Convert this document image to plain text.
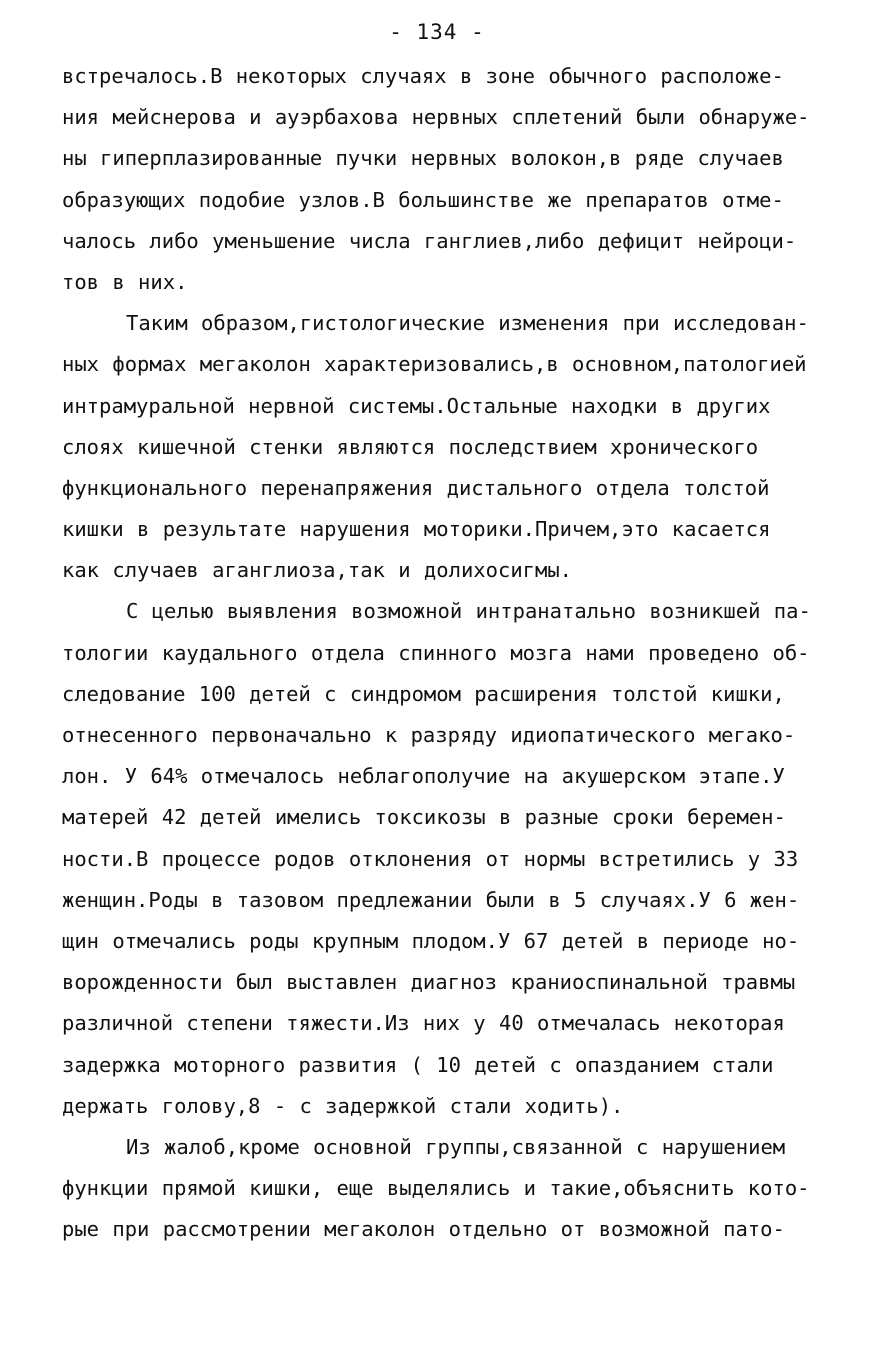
- 134 -
встречалось.В некоторых случаях в зоне обычного расположе-
ния мейснерова и ауэрбахова нервных сплетений были обнаруже-
ны гиперплазированные пучки нервных волокон,в ряде случаев
образующих подобие узлов.В большинстве же препаратов отме-
чалось либо уменьшение числа ганглиев,либо дефицит нейроци-
тов в них.
Таким образом,гистологические изменения при исследован-
ных формах мегаколон характеризовались,в основном,патологией
интрамуральной нервной системы.Остальные находки в других
слоях кишечной стенки являются последствием хронического
функционального перенапряжения дистального отдела толстой
кишки в результате нарушения моторики.Причем,это касается
как случаев аганглиоза,так и долихосигмы.
С целью выявления возможной интранатально возникшей па-
тологии каудального отдела спинного мозга нами проведено об-
следование 100 детей с синдромом расширения толстой кишки,
отнесенного первоначально к разряду идиопатического мегако-
лон. У 64% отмечалось неблагополучие на акушерском этапе.У
матерей 42 детей имелись токсикозы в разные сроки беремен-
ности.В процессе родов отклонения от нормы встретились у 33
женщин.Роды в тазовом предлежании были в 5 случаях.У 6 жен-
щин отмечались роды крупным плодом.У 67 детей в периоде но-
ворожденности был выставлен диагноз краниоспинальной травмы
различной степени тяжести.Из них у 40 отмечалась некоторая
задержка моторного развития ( 10 детей с опазданием стали
держать голову,8 - с задержкой стали ходить).
Из жалоб,кроме основной группы,связанной с нарушением
функции прямой кишки, еще выделялись и такие,объяснить кото-
рые при рассмотрении мегаколон отдельно от возможной пато-
